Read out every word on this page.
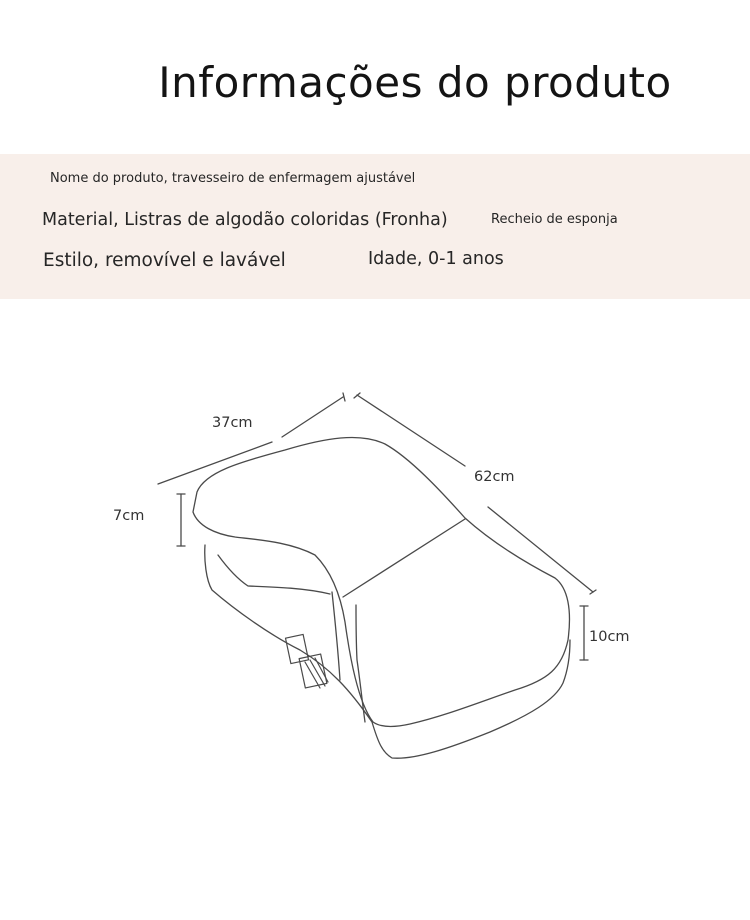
Informações do produto
Nome do produto, travesseiro de enfermagem ajustável
Material, Listras de algodão coloridas (Fronha)	Recheio de esponja
Estilo, removível e lavável	Idade, 0-1 anos
37cm
62cm
7cm
10cm
